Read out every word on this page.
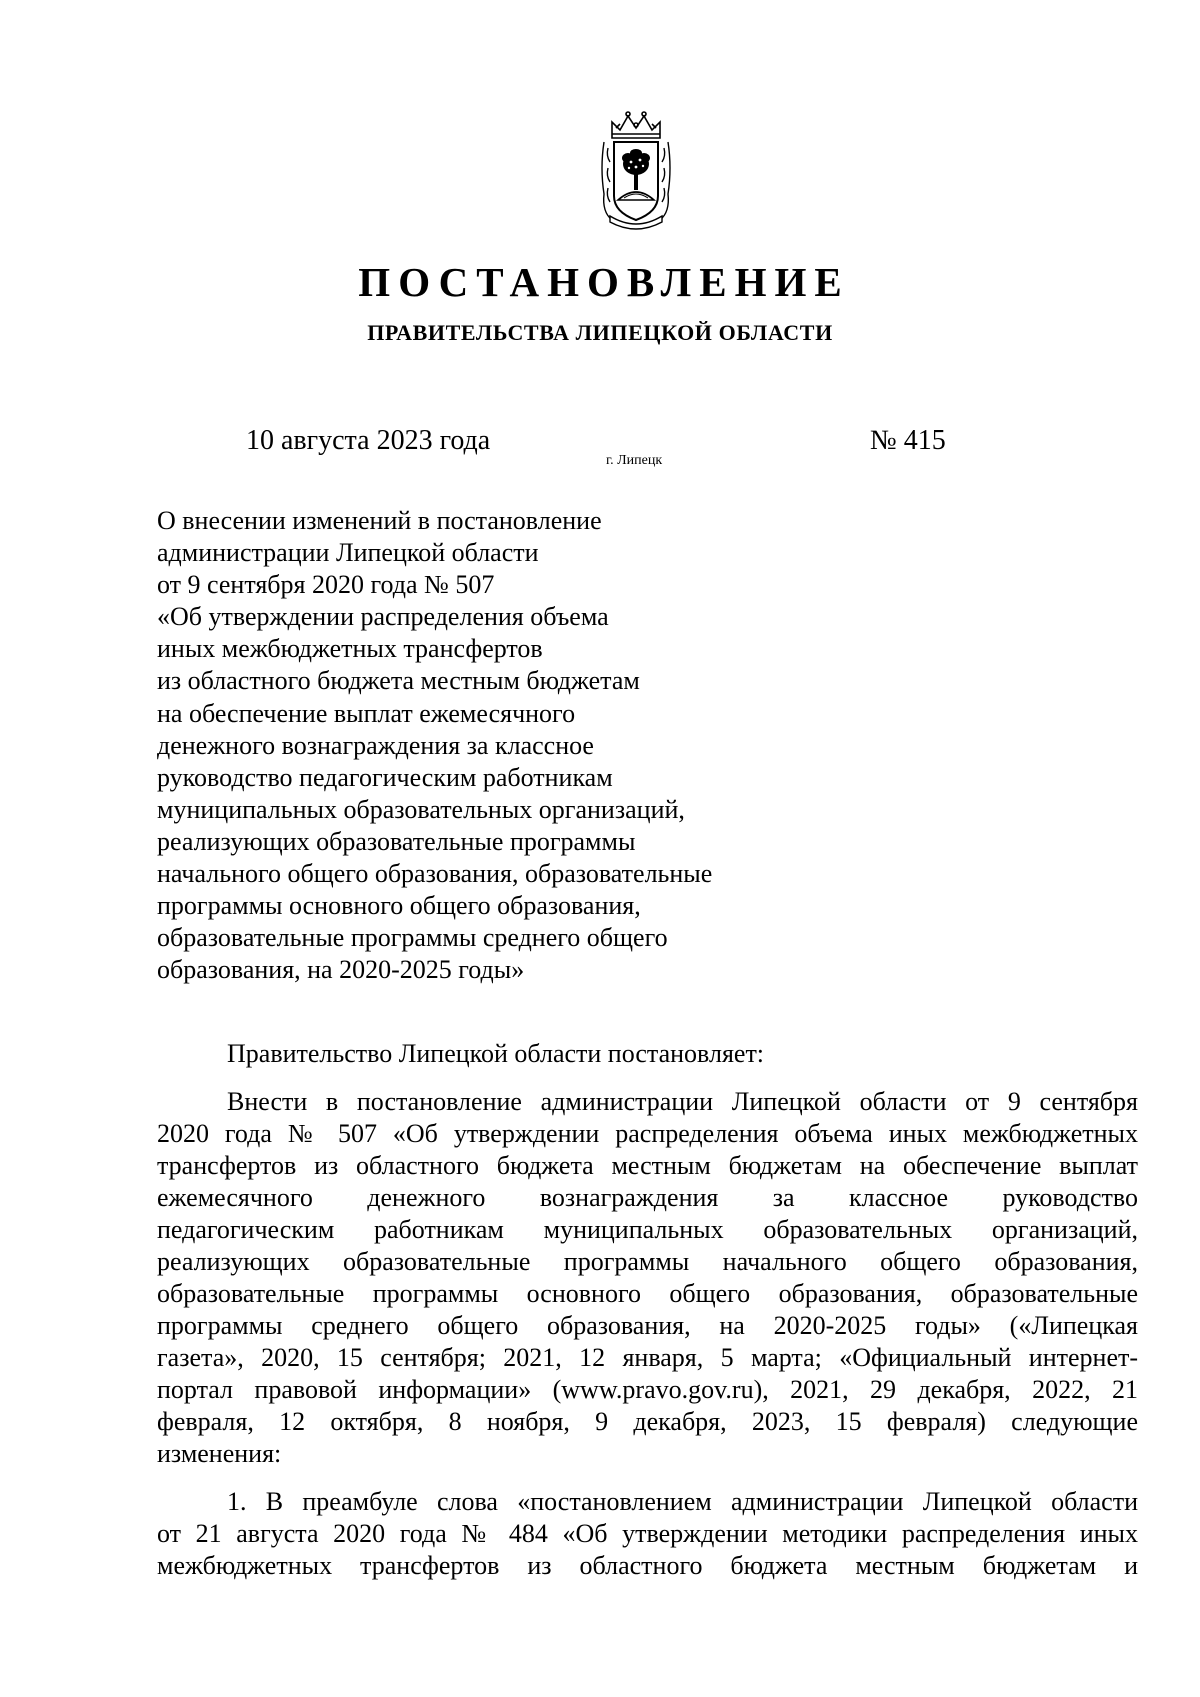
ПОСТАНОВЛЕНИЕ
ПРАВИТЕЛЬСТВА ЛИПЕЦКОЙ ОБЛАСТИ
10 августа 2023 года
г. Липецк
№ 415
О внесении изменений в постановление
администрации Липецкой области
от 9 сентября 2020 года № 507
«Об утверждении распределения объема
иных межбюджетных трансфертов
из областного бюджета местным бюджетам
на обеспечение выплат ежемесячного
денежного вознаграждения за классное
руководство педагогическим работникам
муниципальных образовательных организаций,
реализующих образовательные программы
начального общего образования, образовательные
программы основного общего образования,
образовательные программы среднего общего
образования, на 2020-2025 годы»

Правительство Липецкой области постановляет:

Внести в постановление администрации Липецкой области от 9 сентября
2020 года № 507 «Об утверждении распределения объема иных межбюджетных
трансфертов из областного бюджета местным бюджетам на обеспечение выплат
ежемесячного денежного вознаграждения за классное руководство
педагогическим работникам муниципальных образовательных организаций,
реализующих образовательные программы начального общего образования,
образовательные программы основного общего образования, образовательные
программы среднего общего образования, на 2020-2025 годы» («Липецкая
газета», 2020, 15 сентября; 2021, 12 января, 5 марта; «Официальный интернет-
портал правовой информации» (www.pravo.gov.ru), 2021, 29 декабря, 2022, 21
февраля, 12 октября, 8 ноября, 9 декабря, 2023, 15 февраля) следующие
изменения:
1. В преамбуле слова «постановлением администрации Липецкой области
от 21 августа 2020 года № 484 «Об утверждении методики распределения иных
межбюджетных трансфертов из областного бюджета местным бюджетам и
